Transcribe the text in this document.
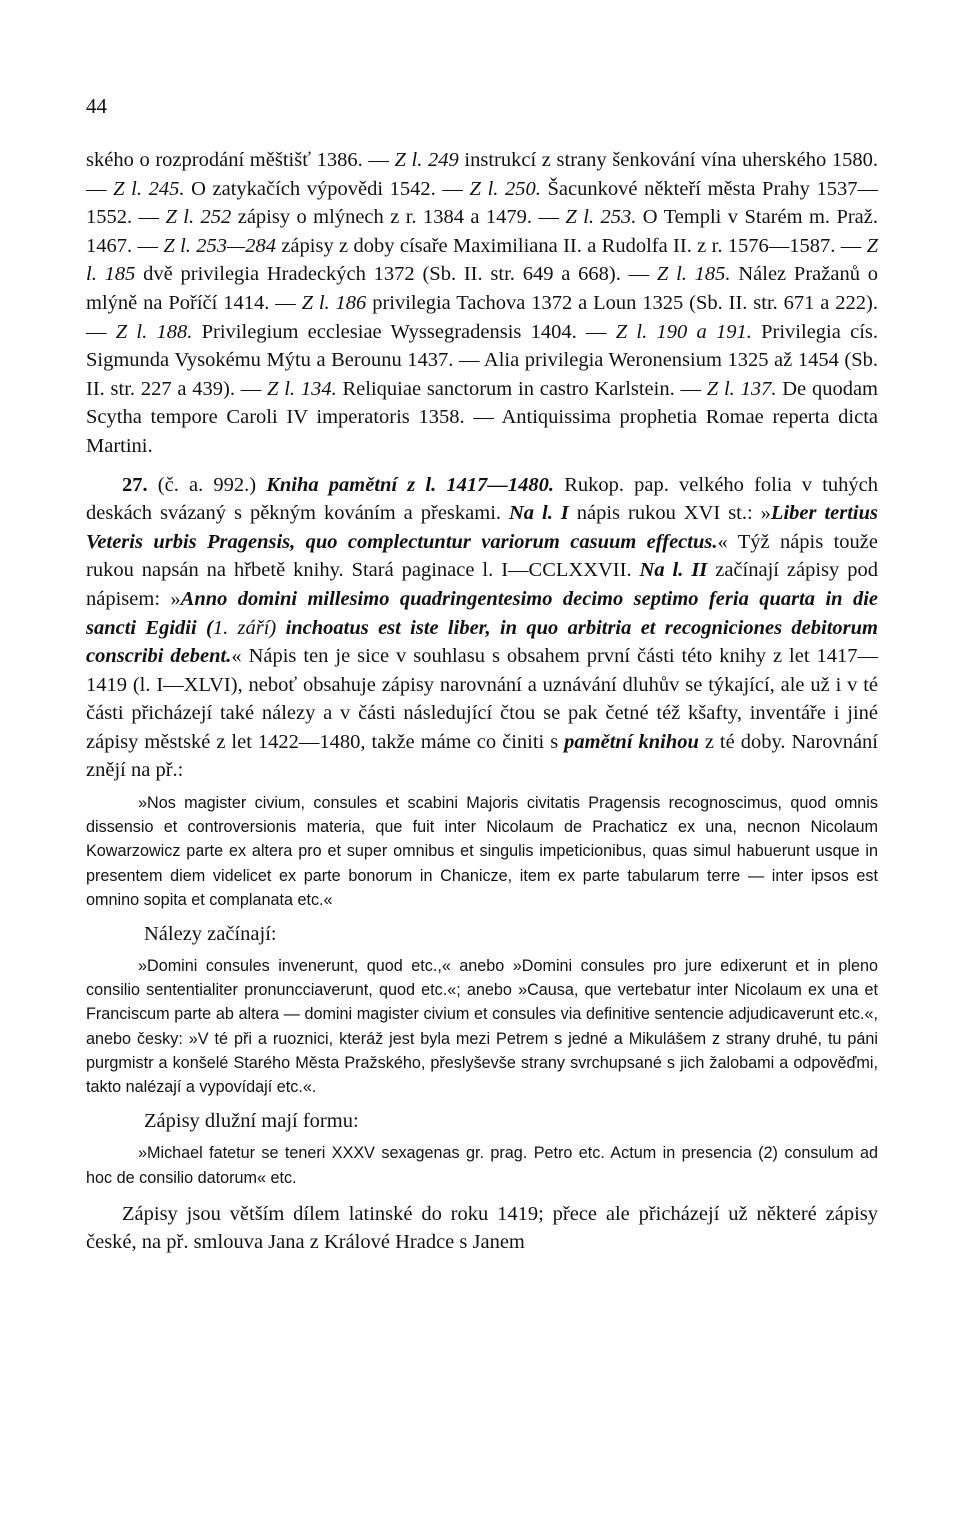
44

ského o rozprodání měštišť 1386. — Z l. 249 instrukcí z strany šenkování vína uherského 1580. — Z l. 245. O zatykačích výpovědi 1542. — Z l. 250. Šacunkové někteří města Prahy 1537—1552. — Z l. 252 zápisy o mlýnech z r. 1384 a 1479. — Z l. 253. O Templi v Starém m. Praž. 1467. — Z l. 253—284 zápisy z doby císaře Maximiliana II. a Rudolfa II. z r. 1576—1587. — Z l. 185 dvě privilegia Hradeckých 1372 (Sb. II. str. 649 a 668). — Z l. 185. Nález Pražanů o mlýně na Poříčí 1414. — Z l. 186 privilegia Tachova 1372 a Loun 1325 (Sb. II. str. 671 a 222). — Z l. 188. Privilegium ecclesiae Wyssegradensis 1404. — Z l. 190 a 191. Privilegia cís. Sigmunda Vysokému Mýtu a Berounu 1437. — Alia privilegia Weronensium 1325 až 1454 (Sb. II. str. 227 a 439). — Z l. 134. Reliquiae sanctorum in castro Karlstein. — Z l. 137. De quodam Scytha tempore Caroli IV imperatoris 1358. — Antiquissima prophetia Romae reperta dicta Martini.

27. (č. a. 992.) Kniha pamětní z l. 1417—1480. Rukop. pap. velkého folia v tuhých deskách svázaný s pěkným kováním a přeskami. Na l. I nápis rukou XVI st.: »Liber tertius Veteris urbis Pragensis, quo complectuntur variorum casuum effectus.« Týž nápis touže rukou napsán na hřbetě knihy. Stará paginace l. I—CCLXXVII. Na l. II začínají zápisy pod nápisem: »Anno domini millesimo quadringentesimo decimo septimo feria quarta in die sancti Egidii (1. září) inchoatus est iste liber, in quo arbitria et recogniciones debitorum conscribi debent.« Nápis ten je sice v souhlasu s obsahem první části této knihy z let 1417—1419 (l. I—XLVI), neboť obsahuje zápisy narovnání a uznávání dluhův se týkající, ale už i v té části přicházejí také nálezy a v části následující čtou se pak četné též kšafty, inventáře i jiné zápisy městské z let 1422—1480, takže máme co činiti s pamětní knihou z té doby. Narovnání znějí na př.:

»Nos magister civium, consules et scabini Majoris civitatis Pragensis recognoscimus, quod omnis dissensio et controversionis materia, que fuit inter Nicolaum de Prachaticz ex una, necnon Nicolaum Kowarzowicz parte ex altera pro et super omnibus et singulis impeticionibus, quas simul habuerunt usque in presentem diem videlicet ex parte bonorum in Chanicze, item ex parte tabularum terre — inter ipsos est omnino sopita et complanata etc.«

Nálezy začínají:

»Domini consules invenerunt, quod etc.,« anebo »Domini consules pro jure edixerunt et in pleno consilio sententialiter pronuncciaverunt, quod etc.«; anebo »Causa, que vertebatur inter Nicolaum ex una et Franciscum parte ab altera — domini magister civium et consules via definitive sentencie adjudicaverunt etc.«, anebo česky: »V té při a ruoznici, kteráž jest byla mezi Petrem s jedné a Mikulášem z strany druhé, tu páni purgmistr a konšelé Starého Města Pražského, přeslyševše strany svrchupsané s jich žalobami a odpověďmi, takto nalézají a vypovídají etc.«.

Zápisy dlužní mají formu:

»Michael fatetur se teneri XXXV sexagenas gr. prag. Petro etc. Actum in presencia (2) consulum ad hoc de consilio datorum« etc.

Zápisy jsou větším dílem latinské do roku 1419; přece ale přicházejí už některé zápisy české, na př. smlouva Jana z Králové Hradce s Janem
